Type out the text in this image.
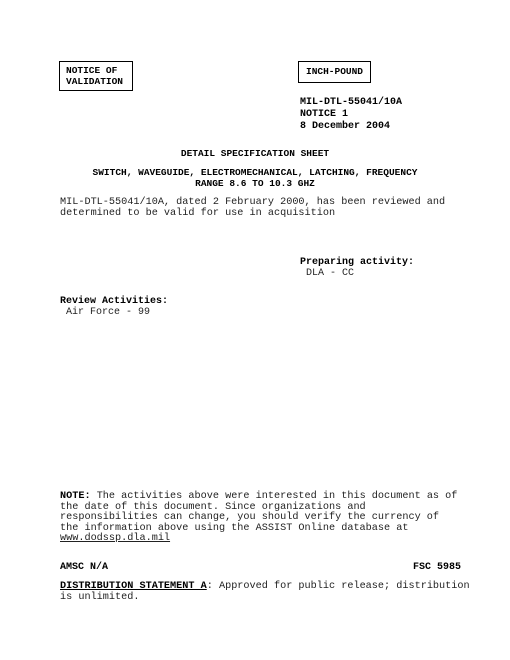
NOTICE OF
VALIDATION
INCH-POUND
MIL-DTL-55041/10A
NOTICE 1
8 December 2004
DETAIL SPECIFICATION SHEET
SWITCH, WAVEGUIDE, ELECTROMECHANICAL, LATCHING, FREQUENCY
RANGE 8.6 TO 10.3 GHZ
MIL-DTL-55041/10A, dated 2 February 2000, has been reviewed and
determined to be valid for use in acquisition
Preparing activity:
DLA - CC
Review Activities:
Air Force - 99
NOTE: The activities above were interested in this document as of
the date of this document. Since organizations and
responsibilities can change, you should verify the currency of
the information above using the ASSIST Online database at
www.dodssp.dla.mil
AMSC N/A	FSC 5985
DISTRIBUTION STATEMENT A: Approved for public release; distribution
is unlimited.
